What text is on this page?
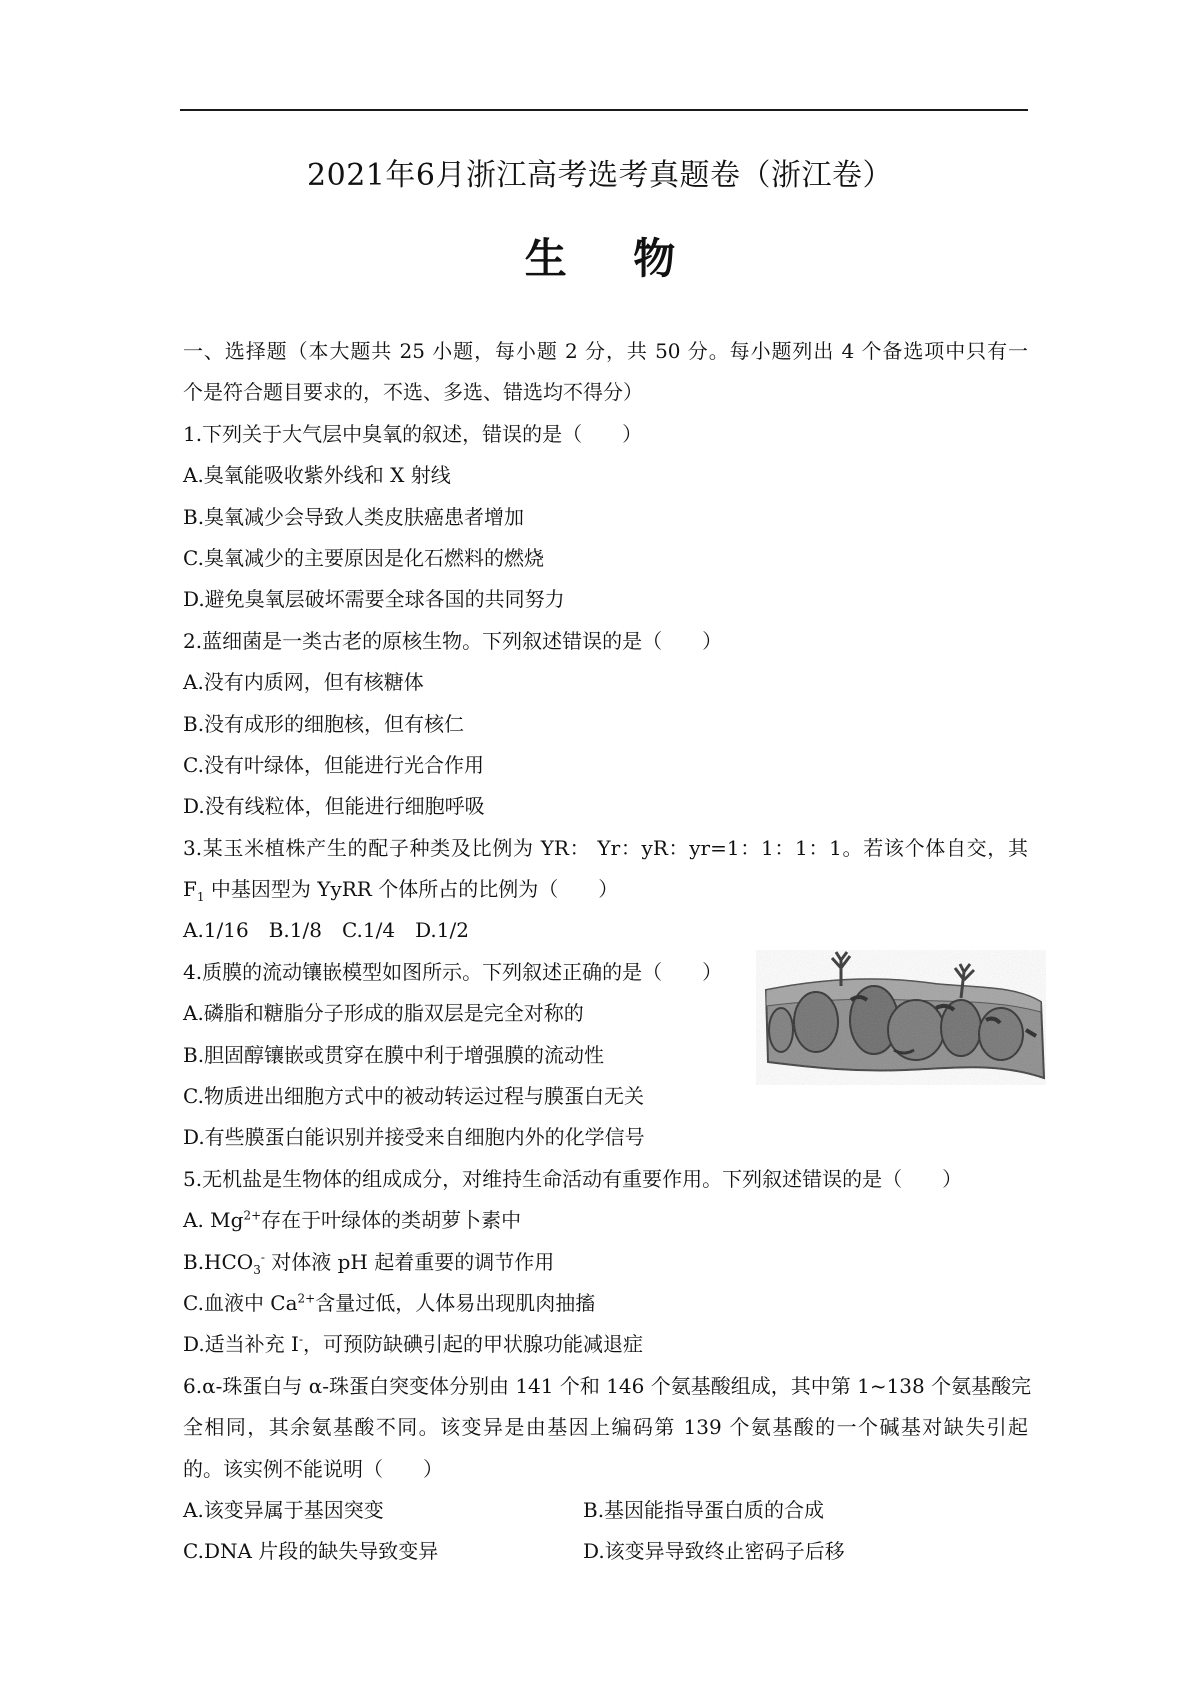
2021年6月浙江高考选考真题卷（浙江卷）
生 物
一、选择题（本大题共 25 小题，每小题 2 分，共 50 分。每小题列出 4 个备选项中只有一
个是符合题目要求的，不选、多选、错选均不得分）
1.下列关于大气层中臭氧的叙述，错误的是（　　）
A.臭氧能吸收紫外线和 X 射线
B.臭氧减少会导致人类皮肤癌患者增加
C.臭氧减少的主要原因是化石燃料的燃烧
D.避免臭氧层破坏需要全球各国的共同努力
2.蓝细菌是一类古老的原核生物。下列叙述错误的是（　　）
A.没有内质网，但有核糖体
B.没有成形的细胞核，但有核仁
C.没有叶绿体，但能进行光合作用
D.没有线粒体，但能进行细胞呼吸
3.某玉米植株产生的配子种类及比例为 YR： Yr：yR：yr=1：1：1：1。若该个体自交，其
$F_1$ 中基因型为 YyRR 个体所占的比例为（　　）
A.1/16 B.1/8 C.1/4 D.1/2
4.质膜的流动镶嵌模型如图所示。下列叙述正确的是（　　）
A.磷脂和糖脂分子形成的脂双层是完全对称的
B.胆固醇镶嵌或贯穿在膜中利于增强膜的流动性
C.物质进出细胞方式中的被动转运过程与膜蛋白无关
D.有些膜蛋白能识别并接受来自细胞内外的化学信号
5.无机盐是生物体的组成成分，对维持生命活动有重要作用。下列叙述错误的是（　　）
A. $Mg^{2+}$存在于叶绿体的类胡萝卜素中
$B.HCO_3^-$ 对体液 pH 起着重要的调节作用
C.血液中 $Ca^{2+}$含量过低，人体易出现肌肉抽搐
D.适当补充 I-，可预防缺碘引起的甲状腺功能减退症
6.α-珠蛋白与 α-珠蛋白突变体分别由 141 个和 146 个氨基酸组成，其中第 1~138 个氨基酸完
全相同，其余氨基酸不同。该变异是由基因上编码第 139 个氨基酸的一个碱基对缺失引起
的。该实例不能说明（　　）
A.该变异属于基因突变	B.基因能指导蛋白质的合成
C.DNA 片段的缺失导致变异	D.该变异导致终止密码子后移
